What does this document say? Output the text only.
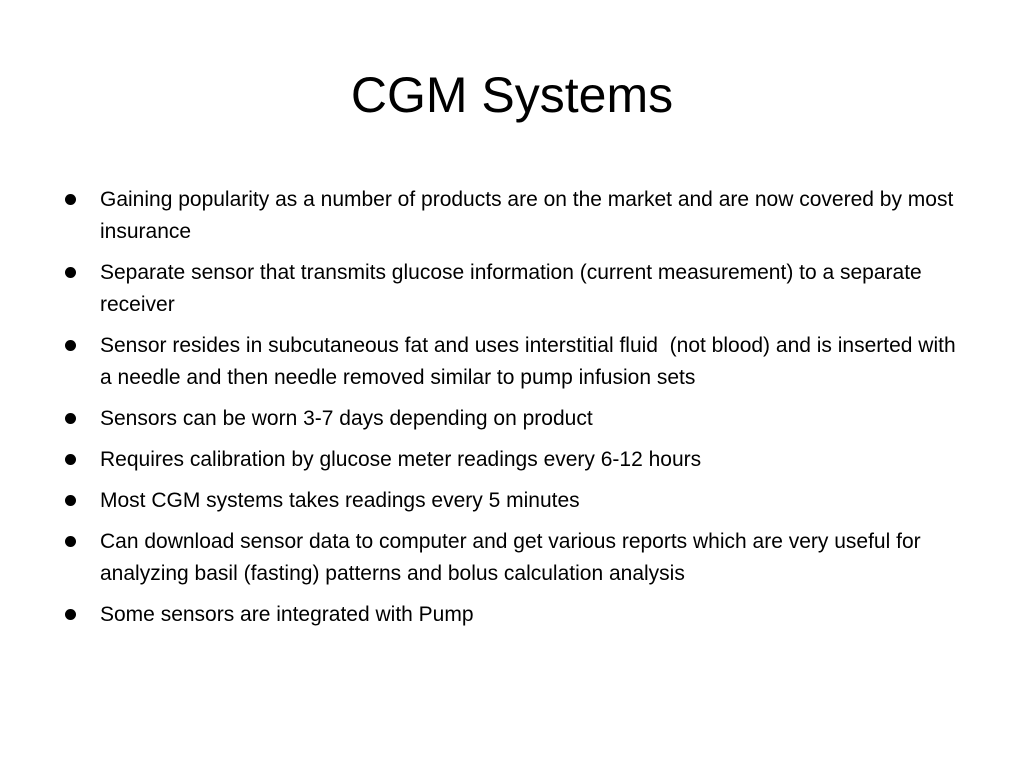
CGM Systems
Gaining popularity as a number of products are on the market and are now covered by most insurance
Separate sensor that transmits glucose information (current measurement) to a separate receiver
Sensor resides in subcutaneous fat and uses interstitial fluid  (not blood) and is inserted with a needle and then needle removed similar to pump infusion sets
Sensors can be worn 3-7 days depending on product
Requires calibration by glucose meter readings every 6-12 hours
Most CGM systems takes readings every 5 minutes
Can download sensor data to computer and get various reports which are very useful for analyzing basil (fasting) patterns and bolus calculation analysis
Some sensors are integrated with Pump
